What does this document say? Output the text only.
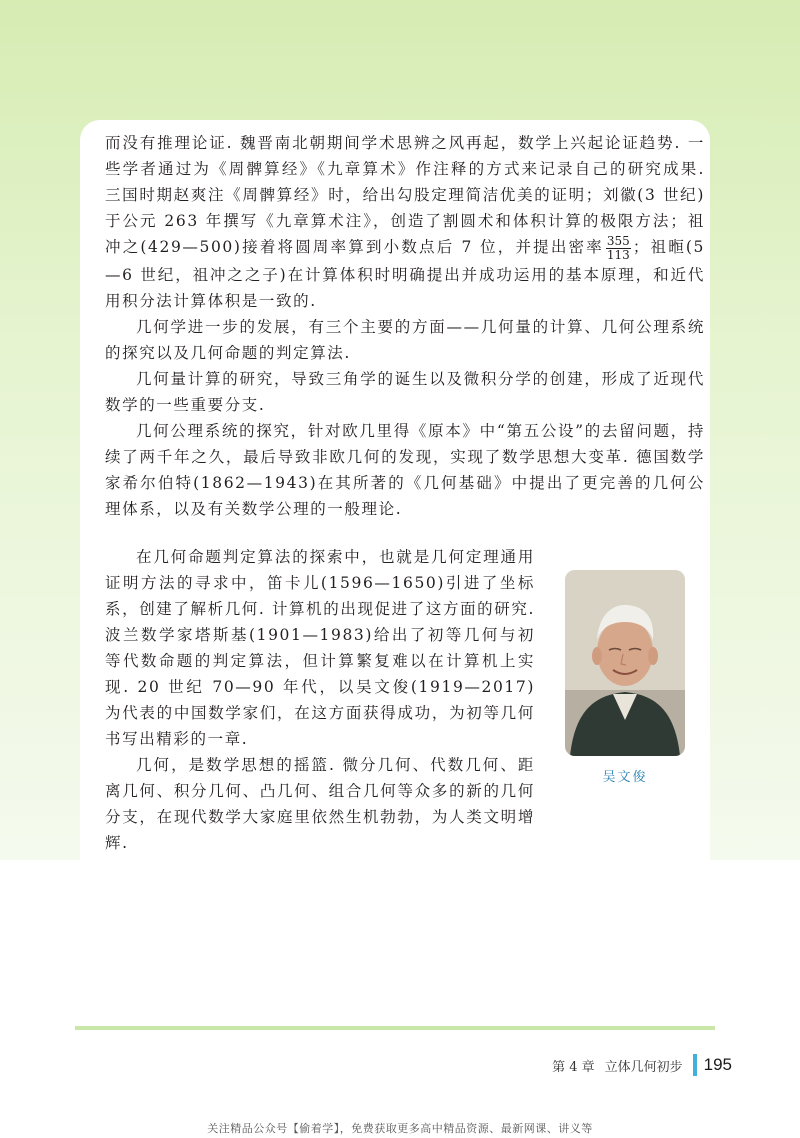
而没有推理论证. 魏晋南北朝期间学术思辨之风再起，数学上兴起论证趋势. 一些学者通过为《周髀算经》《九章算术》作注释的方式来记录自己的研究成果. 三国时期赵爽注《周髀算经》时，给出勾股定理简洁优美的证明；刘徽(3 世纪)于公元 263 年撰写《九章算术注》，创造了割圆术和体积计算的极限方法；祖冲之(429—500)接着将圆周率算到小数点后 7 位，并提出密率 $\frac{355}{113}$ ；祖暅(5—6 世纪，祖冲之之子)在计算体积时明确提出并成功运用的基本原理，和近代用积分法计算体积是一致的.

几何学进一步的发展，有三个主要的方面——几何量的计算、几何公理系统的探究以及几何命题的判定算法.

几何量计算的研究，导致三角学的诞生以及微积分学的创建，形成了近现代数学的一些重要分支.

几何公理系统的探究，针对欧几里得《原本》中“第五公设”的去留问题，持续了两千年之久，最后导致非欧几何的发现，实现了数学思想大变革. 德国数学家希尔伯特(1862—1943)在其所著的《几何基础》中提出了更完善的几何公理体系，以及有关数学公理的一般理论.

在几何命题判定算法的探索中，也就是几何定理通用证明方法的寻求中，笛卡儿(1596—1650)引进了坐标系，创建了解析几何. 计算机的出现促进了这方面的研究. 波兰数学家塔斯基(1901—1983)给出了初等几何与初等代数命题的判定算法，但计算繁复难以在计算机上实现. 20 世纪 70—90 年代，以吴文俊(1919—2017)为代表的中国数学家们，在这方面获得成功，为初等几何书写出精彩的一章.

几何，是数学思想的摇篮. 微分几何、代数几何、距离几何、积分几何、凸几何、组合几何等众多的新的几何分支，在现代数学大家庭里依然生机勃勃，为人类文明增辉.

吴文俊
第 4 章 立体几何初步 195
关注精品公众号【偷着学】，免费获取更多高中精品资源、最新网课、讲义等
